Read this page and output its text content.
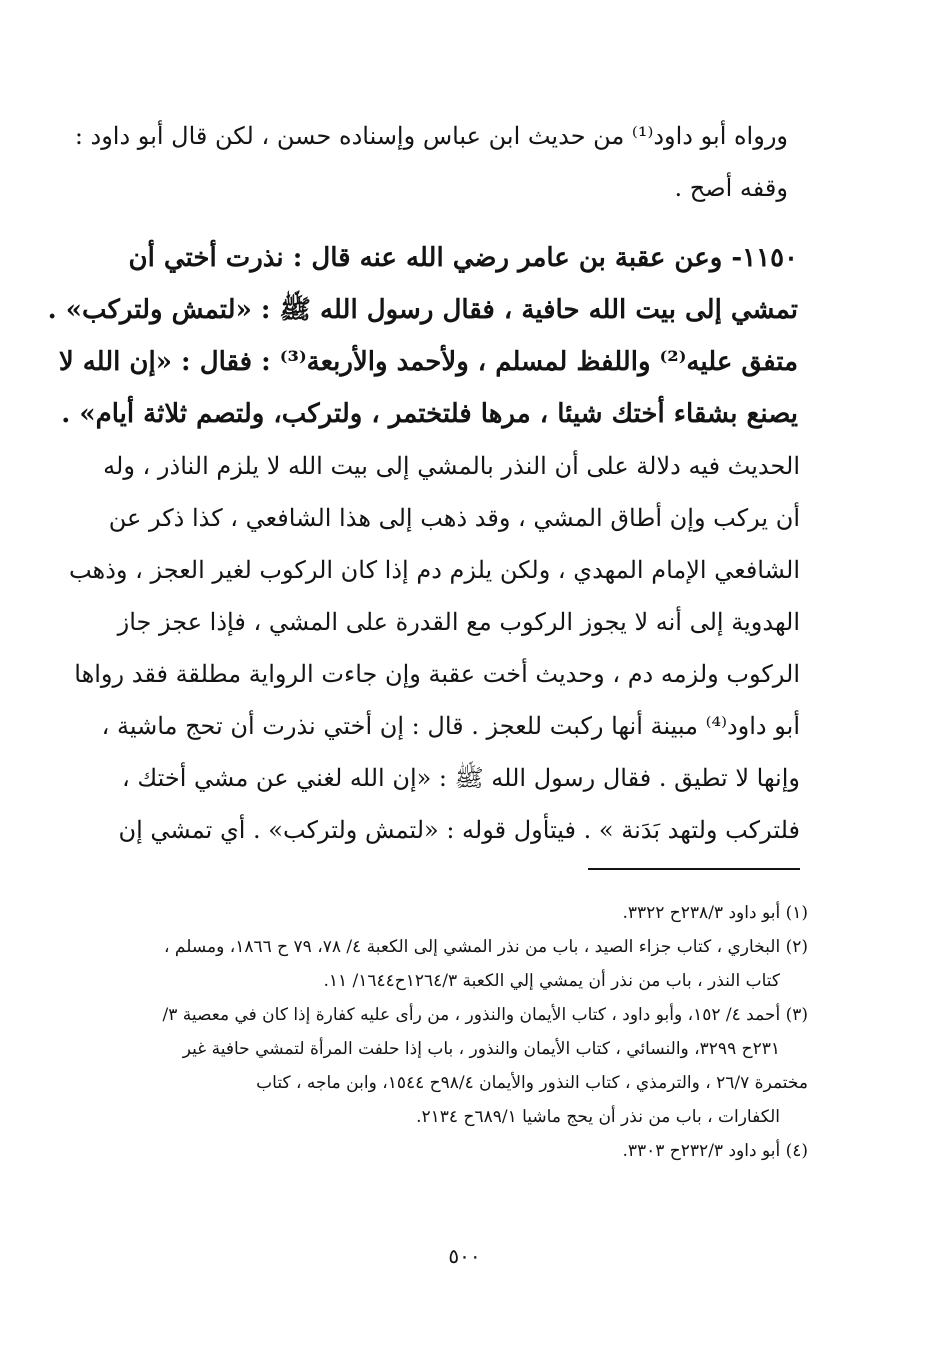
ورواه أبو داود⁽¹⁾ من حديث ابن عباس وإسناده حسن ، لكن قال أبو داود :
وقفه أصح .
١١٥٠- وعن عقبة بن عامر رضي الله عنه قال : نذرت أختي أن
تمشي إلى بيت الله حافية ، فقال رسول الله ﷺ : «لتمش ولتركب» .
متفق عليه⁽²⁾ واللفظ لمسلم ، ولأحمد والأربعة⁽³⁾ : فقال : «إن الله لا
يصنع بشقاء أختك شيئا ، مرها فلتختمر ، ولتركب، ولتصم ثلاثة أيام» .
الحديث فيه دلالة على أن النذر بالمشي إلى بيت الله لا يلزم الناذر ، وله
أن يركب وإن أطاق المشي ، وقد ذهب إلى هذا الشافعي ، كذا ذكر عن
الشافعي الإمام المهدي ، ولكن يلزم دم إذا كان الركوب لغير العجز ، وذهب
الهدوية إلى أنه لا يجوز الركوب مع القدرة على المشي ، فإذا عجز جاز
الركوب ولزمه دم ، وحديث أخت عقبة وإن جاءت الرواية مطلقة فقد رواها
أبو داود⁽⁴⁾ مبينة أنها ركبت للعجز . قال : إن أختي نذرت أن تحج ماشية ،
وإنها لا تطيق . فقال رسول الله ﷺ : «إن الله لغني عن مشي أختك ،
فلتركب ولتهد بَدَنة » . فيتأول قوله : «لتمش ولتركب» . أي تمشي إن
(١) أبو داود ٢٣٨/٣ح ٣٣٢٢.
(٢) البخاري ، كتاب جزاء الصيد ، باب من نذر المشي إلى الكعبة ٤/ ٧٨، ٧٩ ح ١٨٦٦، ومسلم ،
كتاب النذر ، باب من نذر أن يمشي إلي الكعبة ١٢٦٤/٣ح١٦٤٤/ ١١.
(٣) أحمد ٤/ ١٥٢، وأبو داود ، كتاب الأيمان والنذور ، من رأى عليه كفارة إذا كان في معصية ٣/
٢٣١ح ٣٢٩٩، والنسائي ، كتاب الأيمان والنذور ، باب إذا حلفت المرأة لتمشي حافية غير
مختمرة ٢٦/٧ ، والترمذي ، كتاب النذور والأيمان ٩٨/٤ح ١٥٤٤، وابن ماجه ، كتاب
الكفارات ، باب من نذر أن يحج ماشيا ٦٨٩/١ح ٢١٣٤.
(٤) أبو داود ٢٣٢/٣ح ٣٣٠٣.
٥٠٠
